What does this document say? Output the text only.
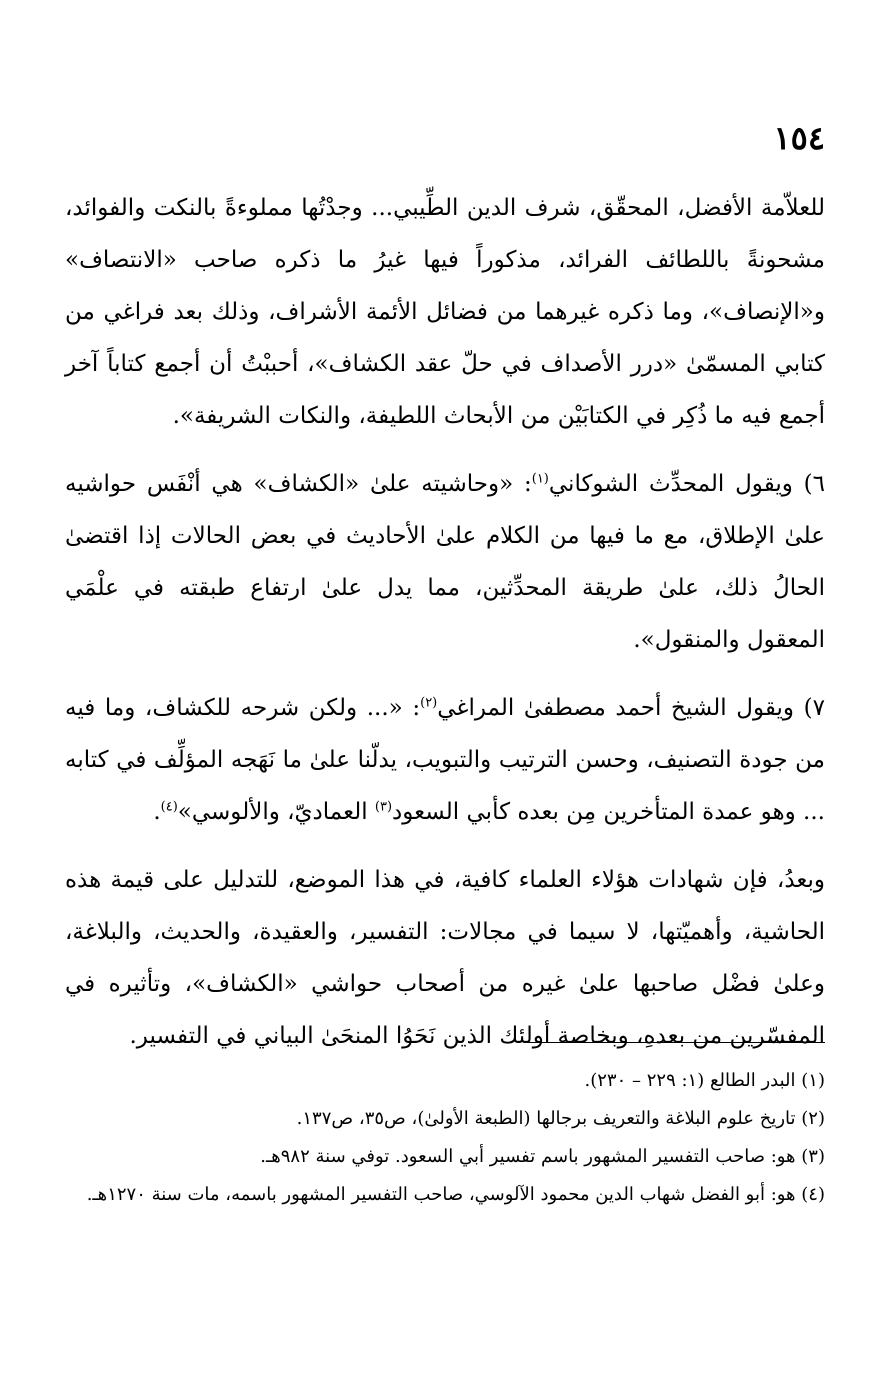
١٥٤

للعلاّمة الأفضل، المحقّق، شرف الدين الطِّيبي... وجدْتُها مملوءةً بالنكت والفوائد، مشحونةً باللطائف الفرائد، مذكوراً فيها غيرُ ما ذكره صاحب «الانتصاف» و«الإنصاف»، وما ذكره غيرهما من فضائل الأئمة الأشراف، وذلك بعد فراغي من كتابي المسمّىٰ «درر الأصداف في حلّ عقد الكشاف»، أحببْتُ أن أجمع كتاباً آخر أجمع فيه ما ذُكِر في الكتابَيْن من الأبحاث اللطيفة، والنكات الشريفة».

٦) ويقول المحدِّث الشوكاني$^{(١)}$: «وحاشيته علىٰ «الكشاف» هي أنْفَس حواشيه علىٰ الإطلاق، مع ما فيها من الكلام علىٰ الأحاديث في بعض الحالات إذا اقتضىٰ الحالُ ذلك، علىٰ طريقة المحدِّثين، مما يدل علىٰ ارتفاع طبقته في علْمَي المعقول والمنقول».

٧) ويقول الشيخ أحمد مصطفىٰ المراغي$^{(٢)}$: «... ولكن شرحه للكشاف، وما فيه من جودة التصنيف، وحسن الترتيب والتبويب، يدلّنا علىٰ ما نَهَجه المؤلِّف في كتابه ... وهو عمدة المتأخرين مِن بعده كأبي السعود$^{(٣)}$ العماديّ، والألوسي»$^{(٤)}$.

وبعدُ، فإن شهادات هؤلاء العلماء كافية، في هذا الموضع، للتدليل على قيمة هذه الحاشية، وأهميّتها، لا سيما في مجالات: التفسير، والعقيدة، والحديث، والبلاغة، وعلىٰ فضْل صاحبها علىٰ غيره من أصحاب حواشي «الكشاف»، وتأثيره في المفسّرين من بعدهِ، وبخاصة أولئك الذين نَحَوُا المنحَىٰ البياني في التفسير.

(١) البدر الطالع (١: ٢٢٩ – ٢٣٠).

(٢) تاريخ علوم البلاغة والتعريف برجالها (الطبعة الأولىٰ)، ص٣٥، ص١٣٧.

(٣) هو: صاحب التفسير المشهور باسم تفسير أبي السعود. توفي سنة ٩٨٢هـ.

(٤) هو: أبو الفضل شهاب الدين محمود الآلوسي، صاحب التفسير المشهور باسمه، مات سنة ١٢٧٠هـ.
